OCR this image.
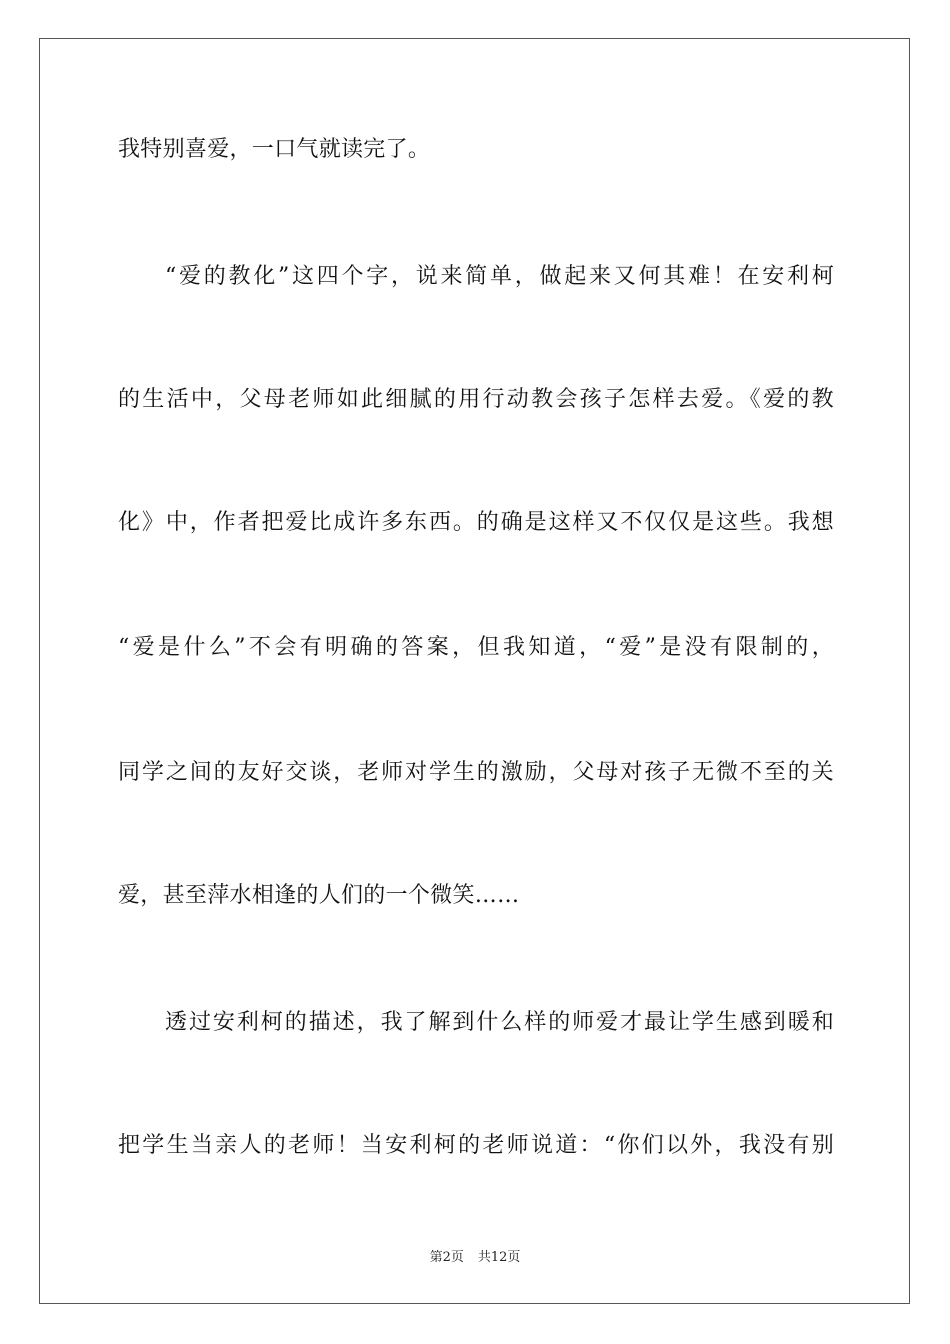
我特别喜爱，一口气就读完了。
“爱的教化”这四个字，说来简单，做起来又何其难！在安利柯
的生活中，父母老师如此细腻的用行动教会孩子怎样去爱。《爱的教
化》中，作者把爱比成许多东西。的确是这样又不仅仅是这些。我想
“爱是什么”不会有明确的答案，但我知道，“爱”是没有限制的，
同学之间的友好交谈，老师对学生的激励，父母对孩子无微不至的关
爱，甚至萍水相逢的人们的一个微笑……
透过安利柯的描述，我了解到什么样的师爱才最让学生感到暖和
把学生当亲人的老师！当安利柯的老师说道：“你们以外，我没有别
第2页 共12页
